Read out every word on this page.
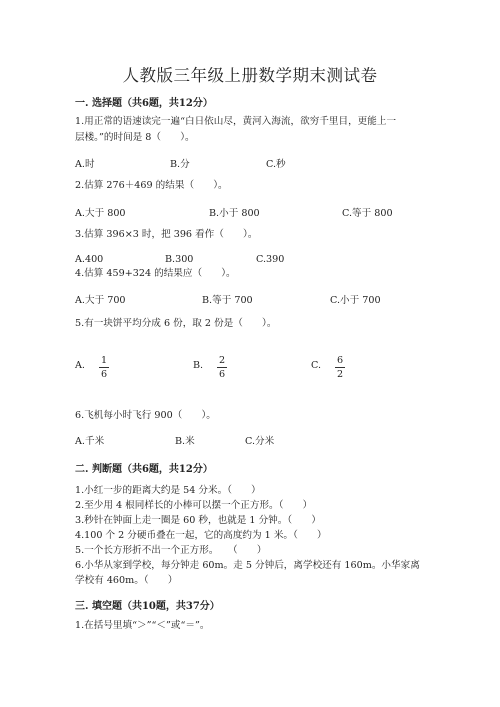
人教版三年级上册数学期末测试卷
一. 选择题（共6题，共12分）
1.用正常的语速读完一遍“白日依山尽，黄河入海流，欲穷千里目，更能上一
层楼。”的时间是 8（　　）。
A.时	B.分	C.秒
2.估算 276＋469 的结果（　　）。
A.大于 800	B.小于 800	C.等于 800
3.估算 396×3 时，把 396 看作（　　）。
A.400	B.300	C.390
4.估算 459+324 的结果应（　　）。
A.大于 700	B.等于 700	C.小于 700
5.有一块饼平均分成 6 份，取 2 份是（　　）。
A. 1
6
B. 2
6
C. 6
2
6.飞机每小时飞行 900（　　）。
A.千米	B.米	C.分米
二. 判断题（共6题，共12分）
1.小红一步的距离大约是 54 分米。（　　）
2.至少用 4 根同样长的小棒可以摆一个正方形。（　　）
3.秒针在钟面上走一圈是 60 秒，也就是 1 分钟。（　　）
4.100 个 2 分硬币叠在一起，它的高度约为 1 米。（　　）
5.一个长方形折不出一个正方形。　　（　　）
6.小华从家到学校，每分钟走 60m。走 5 分钟后，离学校还有 160m。小华家离
学校有 460m。（　　）
三. 填空题（共10题，共37分）
1.在括号里填“＞”“＜”或“＝”。
